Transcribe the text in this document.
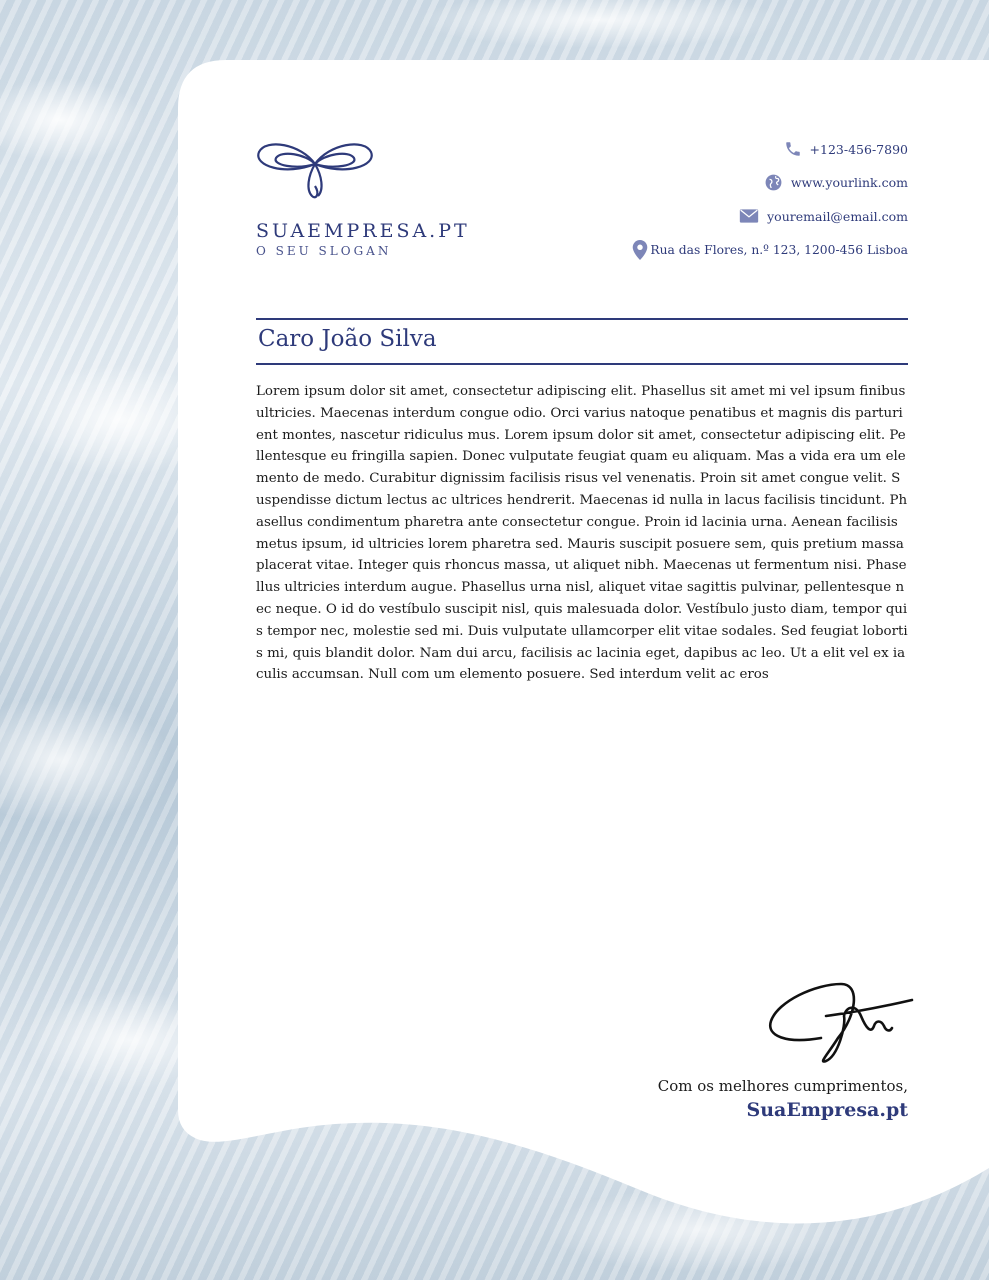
SUAEMPRESA.PT
O SEU SLOGAN
+123-456-7890
www.yourlink.com
youremail@email.com
Rua das Flores, n.º 123, 1200-456 Lisboa
Caro João Silva

Lorem ipsum dolor sit amet, consectetur adipiscing elit. Phasellus sit amet mi vel ipsum finibus ultricies. Maecenas interdum congue odio. Orci varius natoque penatibus et magnis dis parturient montes, nascetur ridiculus mus. Lorem ipsum dolor sit amet, consectetur adipiscing elit. Pellentesque eu fringilla sapien. Donec vulputate feugiat quam eu aliquam. Mas a vida era um elemento de medo. Curabitur dignissim facilisis risus vel venenatis. Proin sit amet congue velit. Suspendisse dictum lectus ac ultrices hendrerit. Maecenas id nulla in lacus facilisis tincidunt. Phasellus condimentum pharetra ante consectetur congue. Proin id lacinia urna. Aenean facilisis metus ipsum, id ultricies lorem pharetra sed. Mauris suscipit posuere sem, quis pretium massa placerat vitae. Integer quis rhoncus massa, ut aliquet nibh. Maecenas ut fermentum nisi. Phasellus ultricies interdum augue. Phasellus urna nisl, aliquet vitae sagittis pulvinar, pellentesque nec neque. O id do vestíbulo suscipit nisl, quis malesuada dolor. Vestíbulo justo diam, tempor quis tempor nec, molestie sed mi. Duis vulputate ullamcorper elit vitae sodales. Sed feugiat lobortis mi, quis blandit dolor. Nam dui arcu, facilisis ac lacinia eget, dapibus ac leo. Ut a elit vel ex iaculis accumsan. Null com um elemento posuere. Sed interdum velit ac eros

Com os melhores cumprimentos,
SuaEmpresa.pt
